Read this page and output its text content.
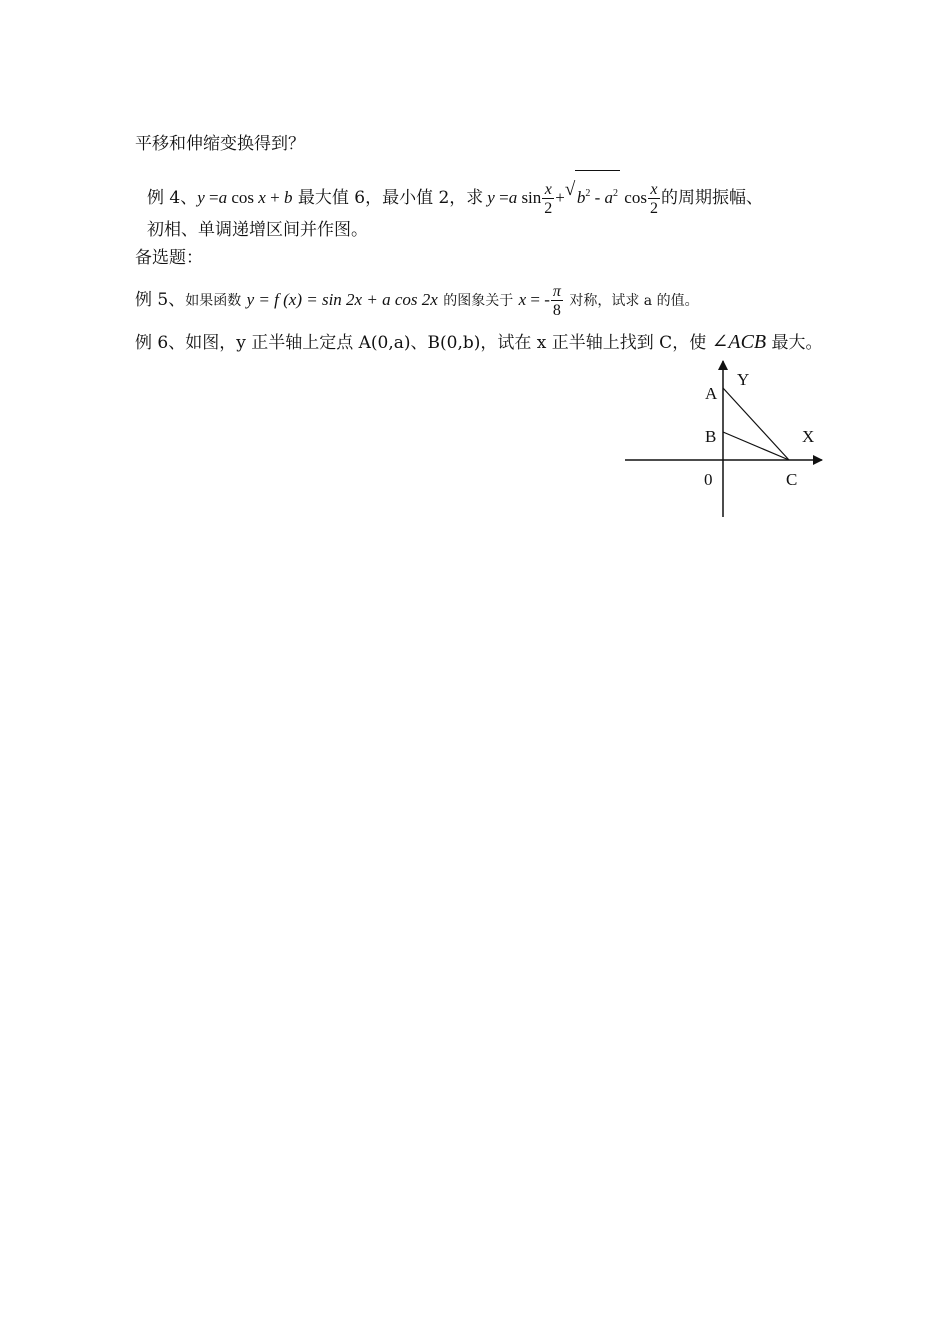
平移和伸缩变换得到？
例 4、y =a cos x + b 最大值 6，最小值 2，求 y =a $\sin \frac{x}{2}$ + √ $b^2 - a^2$ $\cos \frac{x}{2}$ 的周期振幅、
初相、单调递增区间并作图。
备选题：
例 5、如果函数 y = f (x) = sin 2x + a cos 2x 的图象关于 x = - $\frac{\pi}{8}$ 对称，试求 a 的值。
例 6、如图，y 正半轴上定点 A(0,a)、B(0,b)，试在 x 正半轴上找到 C，使 ∠ACB 最大。
Y
A
B	X
0	C
